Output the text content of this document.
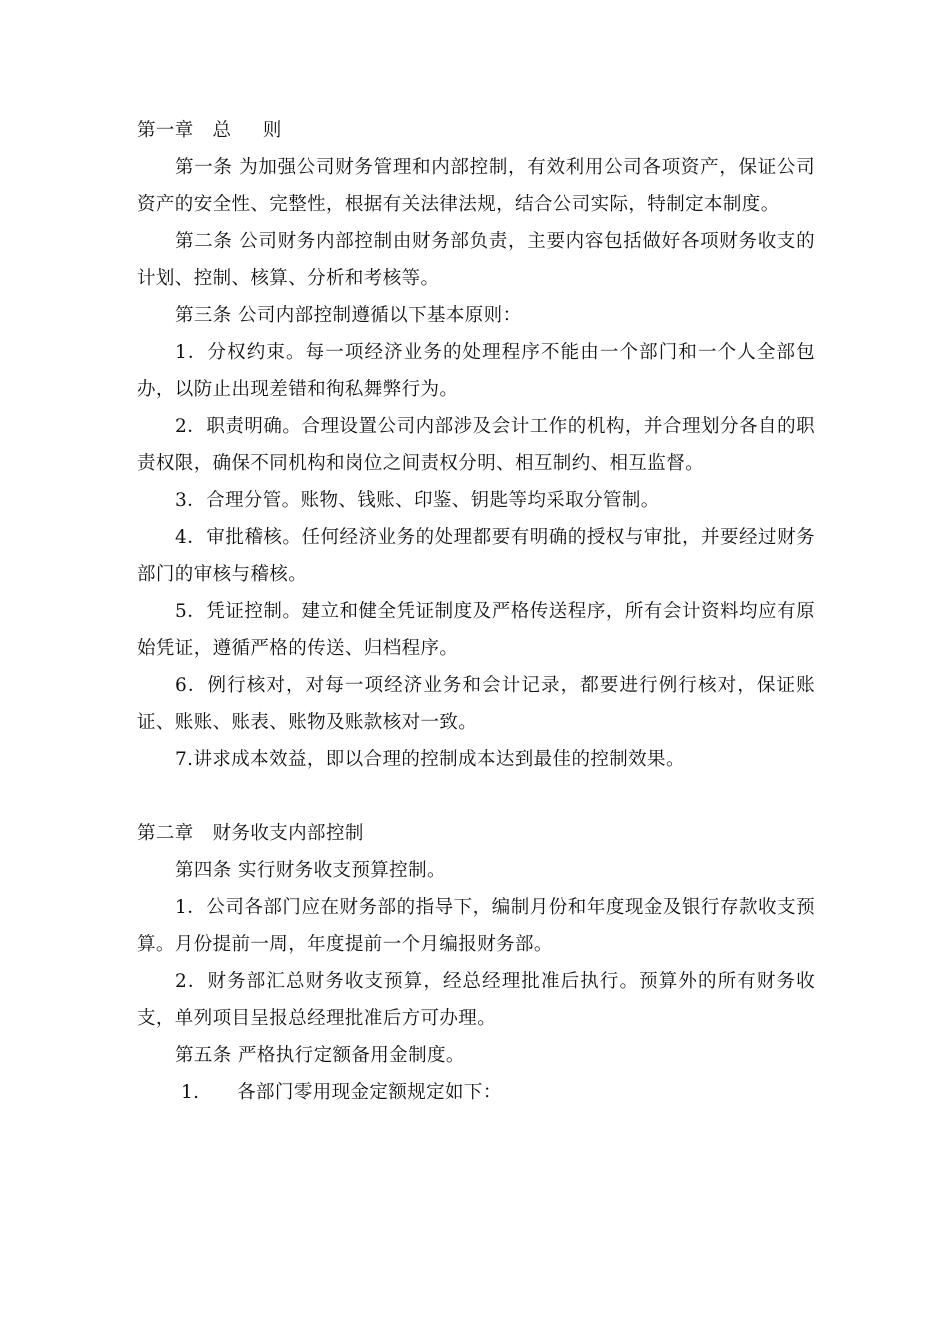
第一章   总     则

第一条 为加强公司财务管理和内部控制，有效利用公司各项资产，保证公司资产的安全性、完整性，根据有关法律法规，结合公司实际，特制定本制度。

第二条 公司财务内部控制由财务部负责，主要内容包括做好各项财务收支的计划、控制、核算、分析和考核等。

第三条 公司内部控制遵循以下基本原则：

1．分权约束。每一项经济业务的处理程序不能由一个部门和一个人全部包办，以防止出现差错和徇私舞弊行为。

2．职责明确。合理设置公司内部涉及会计工作的机构，并合理划分各自的职责权限，确保不同机构和岗位之间责权分明、相互制约、相互监督。

3．合理分管。账物、钱账、印鉴、钥匙等均采取分管制。

4．审批稽核。任何经济业务的处理都要有明确的授权与审批，并要经过财务部门的审核与稽核。

5．凭证控制。建立和健全凭证制度及严格传送程序，所有会计资料均应有原始凭证，遵循严格的传送、归档程序。

6．例行核对，对每一项经济业务和会计记录，都要进行例行核对，保证账证、账账、账表、账物及账款核对一致。

7.讲求成本效益，即以合理的控制成本达到最佳的控制效果。

第二章   财务收支内部控制

第四条 实行财务收支预算控制。

1．公司各部门应在财务部的指导下，编制月份和年度现金及银行存款收支预算。月份提前一周，年度提前一个月编报财务部。

2．财务部汇总财务收支预算，经总经理批准后执行。预算外的所有财务收支，单列项目呈报总经理批准后方可办理。

第五条 严格执行定额备用金制度。

1.      各部门零用现金定额规定如下：
